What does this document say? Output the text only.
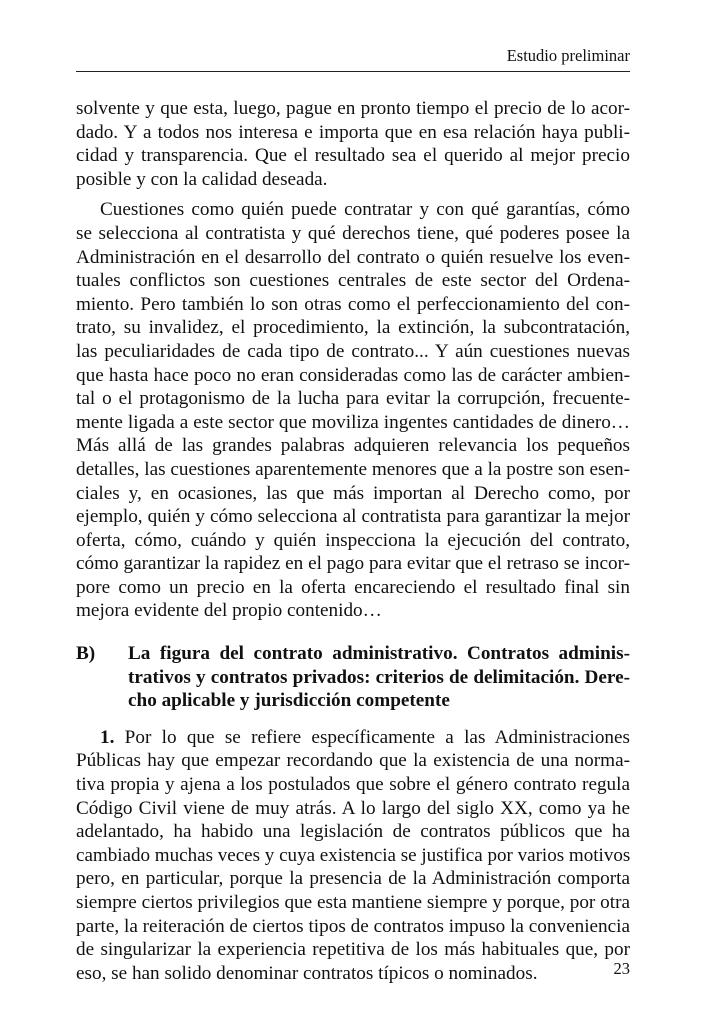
Estudio preliminar
solvente y que esta, luego, pague en pronto tiempo el precio de lo acor-
dado. Y a todos nos interesa e importa que en esa relación haya publi-
cidad y transparencia. Que el resultado sea el querido al mejor precio
posible y con la calidad deseada.
Cuestiones como quién puede contratar y con qué garantías, cómo
se selecciona al contratista y qué derechos tiene, qué poderes posee la
Administración en el desarrollo del contrato o quién resuelve los even-
tuales conflictos son cuestiones centrales de este sector del Ordena-
miento. Pero también lo son otras como el perfeccionamiento del con-
trato, su invalidez, el procedimiento, la extinción, la subcontratación,
las peculiaridades de cada tipo de contrato... Y aún cuestiones nuevas
que hasta hace poco no eran consideradas como las de carácter ambien-
tal o el protagonismo de la lucha para evitar la corrupción, frecuente-
mente ligada a este sector que moviliza ingentes cantidades de dinero…
Más allá de las grandes palabras adquieren relevancia los pequeños
detalles, las cuestiones aparentemente menores que a la postre son esen-
ciales y, en ocasiones, las que más importan al Derecho como, por
ejemplo, quién y cómo selecciona al contratista para garantizar la mejor
oferta, cómo, cuándo y quién inspecciona la ejecución del contrato,
cómo garantizar la rapidez en el pago para evitar que el retraso se incor-
pore como un precio en la oferta encareciendo el resultado final sin
mejora evidente del propio contenido…
B)	La figura del contrato administrativo. Contratos adminis-
trativos y contratos privados: criterios de delimitación. Dere-
cho aplicable y jurisdicción competente
1. Por lo que se refiere específicamente a las Administraciones
Públicas hay que empezar recordando que la existencia de una norma-
tiva propia y ajena a los postulados que sobre el género contrato regula
Código Civil viene de muy atrás. A lo largo del siglo XX, como ya he
adelantado, ha habido una legislación de contratos públicos que ha
cambiado muchas veces y cuya existencia se justifica por varios motivos
pero, en particular, porque la presencia de la Administración comporta
siempre ciertos privilegios que esta mantiene siempre y porque, por otra
parte, la reiteración de ciertos tipos de contratos impuso la conveniencia
de singularizar la experiencia repetitiva de los más habituales que, por
eso, se han solido denominar contratos típicos o nominados.	23
